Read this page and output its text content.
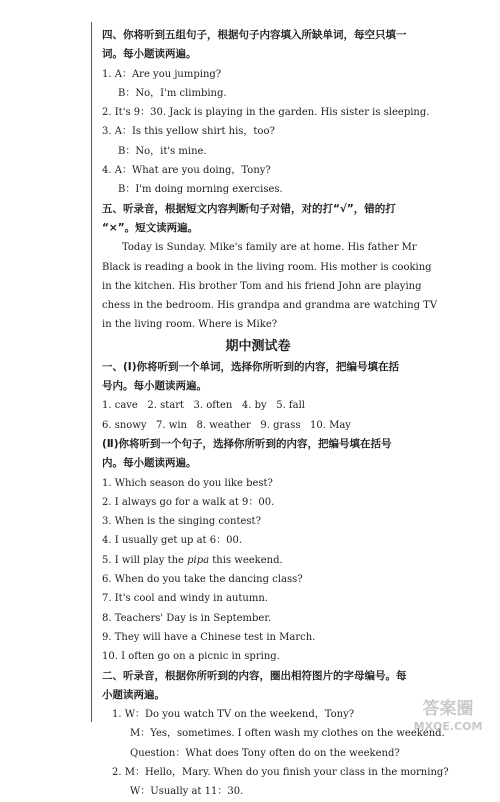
四、你将听到五组句子，根据句子内容填入所缺单词，每空只填一
词。每小题读两遍。
1. A：Are you jumping?
B：No，I'm climbing.
2. It's 9：30. Jack is playing in the garden. His sister is sleeping.
3. A：Is this yellow shirt his，too?
B：No，it's mine.
4. A：What are you doing，Tony?
B：I'm doing morning exercises.
五、听录音，根据短文内容判断句子对错，对的打“√”，错的打
“×”。短文读两遍。
Today is Sunday. Mike's family are at home. His father Mr
Black is reading a book in the living room. His mother is cooking
in the kitchen. His brother Tom and his friend John are playing
chess in the bedroom. His grandpa and grandma are watching TV
in the living room. Where is Mike?
期中测试卷
一、(Ⅰ)你将听到一个单词，选择你所听到的内容，把编号填在括
号内。每小题读两遍。
1. cave   2. start   3. often   4. by   5. fall
6. snowy   7. win   8. weather   9. grass   10. May
(Ⅱ)你将听到一个句子，选择你所听到的内容，把编号填在括号
内。每小题读两遍。
1. Which season do you like best?
2. I always go for a walk at 9：00.
3. When is the singing contest?
4. I usually get up at 6：00.
5. I will play the pipa this weekend.
6. When do you take the dancing class?
7. It's cool and windy in autumn.
8. Teachers' Day is in September.
9. They will have a Chinese test in March.
10. I often go on a picnic in spring.
二、听录音，根据你所听到的内容，圈出相符图片的字母编号。每
小题读两遍。
1. W：Do you watch TV on the weekend，Tony?
M：Yes，sometimes. I often wash my clothes on the weekend.
Question：What does Tony often do on the weekend?
2. M：Hello，Mary. When do you finish your class in the morning?
W：Usually at 11：30.
答案圈
MXQE.COM
